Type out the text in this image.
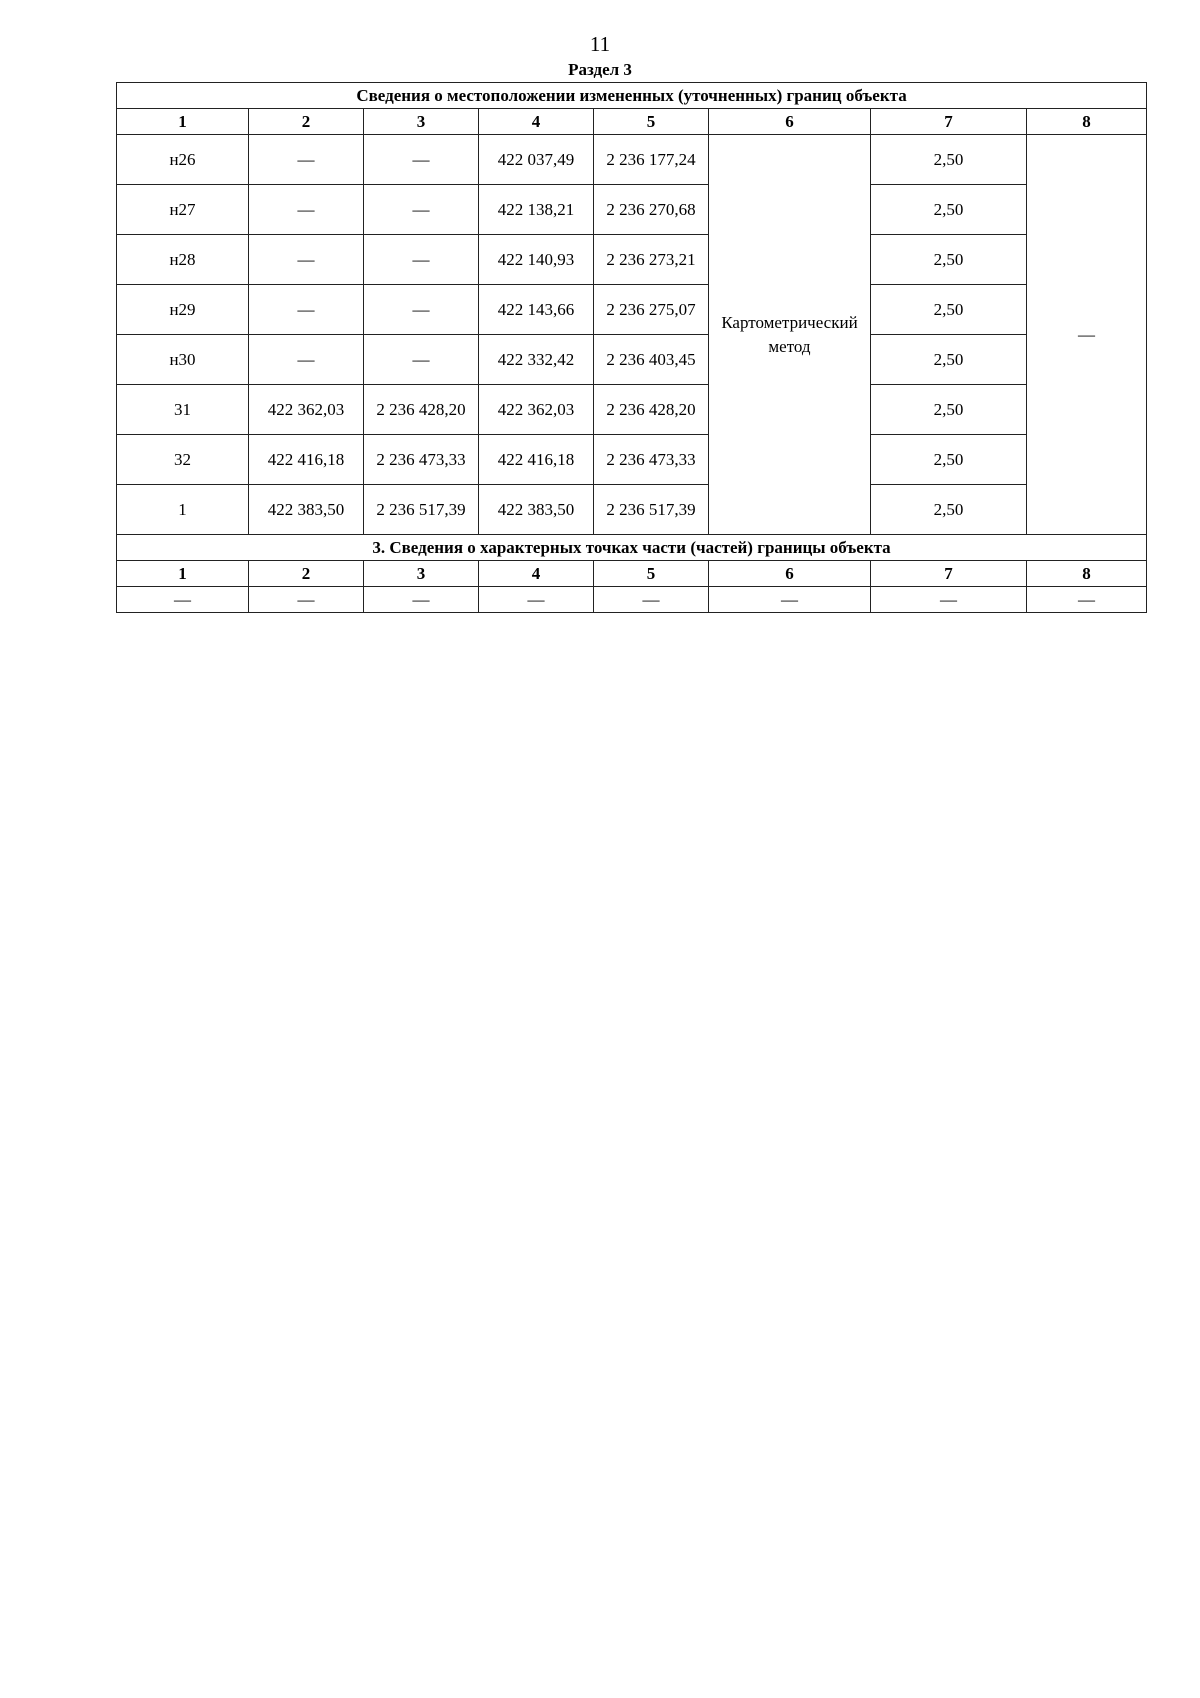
11
Раздел 3
Сведения о местоположении измененных (уточненных) границ объекта							
1	2	3	4	5	6	7	8
н26	—	—	422 037,49	2 236 177,24	Картометрический метод	2,50	—
н27	—	—	422 138,21	2 236 270,68		2,50	
н28	—	—	422 140,93	2 236 273,21		2,50	
н29	—	—	422 143,66	2 236 275,07		2,50	
н30	—	—	422 332,42	2 236 403,45		2,50	
31	422 362,03	2 236 428,20	422 362,03	2 236 428,20		2,50	
32	422 416,18	2 236 473,33	422 416,18	2 236 473,33		2,50	
1	422 383,50	2 236 517,39	422 383,50	2 236 517,39		2,50	
3. Сведения о характерных точках части (частей) границы объекта							
1	2	3	4	5	6	7	8
—	—	—	—	—	—	—	—
